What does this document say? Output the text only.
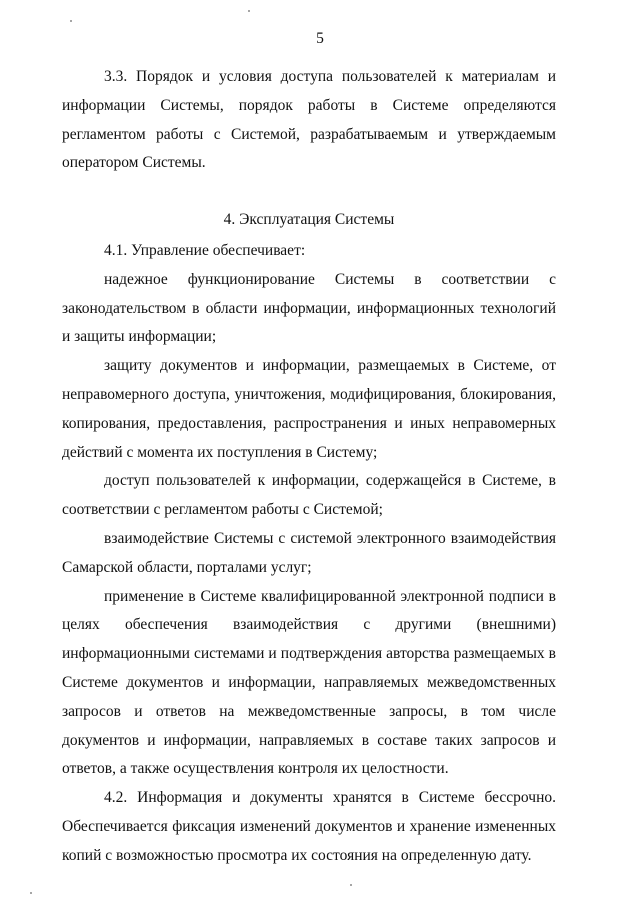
5

3.3. Порядок и условия доступа пользователей к материалам и информации Системы, порядок работы в Системе определяются регламентом работы с Системой, разрабатываемым и утверждаемым оператором Системы.

4. Эксплуатация Системы

4.1. Управление обеспечивает:

надежное функционирование Системы в соответствии с законодательством в области информации, информационных технологий и защиты информации;

защиту документов и информации, размещаемых в Системе, от неправомерного доступа, уничтожения, модифицирования, блокирования, копирования, предоставления, распространения и иных неправомерных действий с момента их поступления в Систему;

доступ пользователей к информации, содержащейся в Системе, в соответствии с регламентом работы с Системой;

взаимодействие Системы с системой электронного взаимодействия Самарской области, порталами услуг;

применение в Системе квалифицированной электронной подписи в целях обеспечения взаимодействия с другими (внешними) информационными системами и подтверждения авторства размещаемых в Системе документов и информации, направляемых межведомственных запросов и ответов на межведомственные запросы, в том числе документов и информации, направляемых в составе таких запросов и ответов, а также осуществления контроля их целостности.

4.2. Информация и документы хранятся в Системе бессрочно. Обеспечивается фиксация изменений документов и хранение измененных копий с возможностью просмотра их состояния на определенную дату.
